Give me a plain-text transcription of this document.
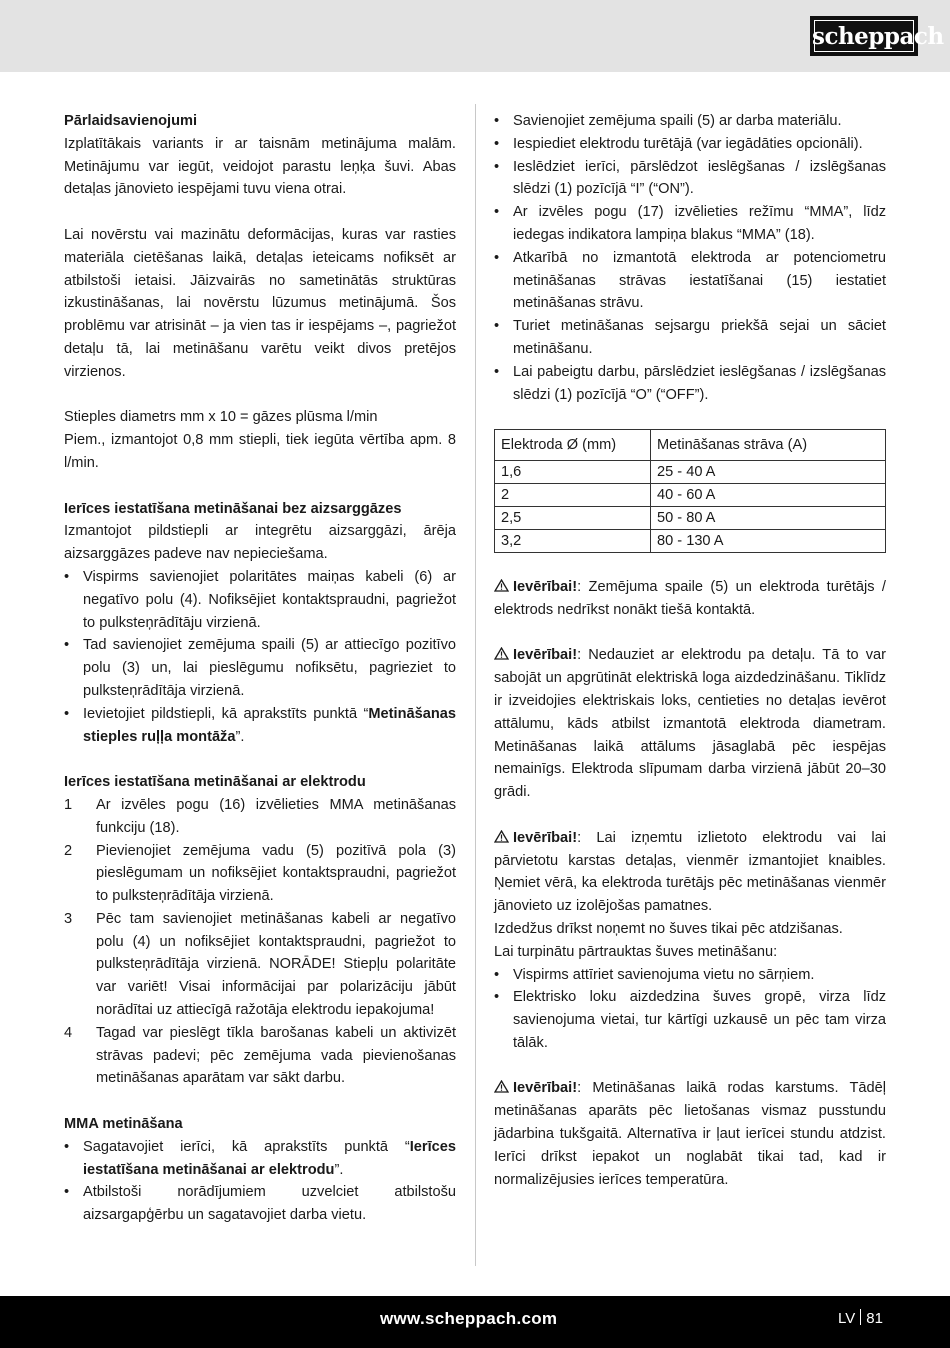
scheppach

Pārlaidsavienojumi

Izplatītākais variants ir ar taisnām metinājuma malām. Metinājumu var iegūt, veidojot parastu leņķa šuvi. Abas detaļas jānovieto iespējami tuvu viena otrai.

Lai novērstu vai mazinātu deformācijas, kuras var rasties materiāla cietēšanas laikā, detaļas ieteicams nofiksēt ar atbilstoši ietaisi. Jāizvairās no sametinātās struktūras izkustināšanas, lai novērstu lūzumus metinājumā. Šos problēmu var atrisināt – ja vien tas ir iespējams –, pagriežot detaļu tā, lai metināšanu varētu veikt divos pretējos virzienos.

Stieples diametrs mm x 10 = gāzes plūsma l/min

Piem., izmantojot 0,8 mm stiepli, tiek iegūta vērtība apm. 8 l/min.

Ierīces iestatīšana metināšanai bez aizsarggāzes

Izmantojot pildstiepli ar integrētu aizsarggāzi, ārēja aizsarggāzes padeve nav nepieciešama.

• Vispirms savienojiet polaritātes maiņas kabeli (6) ar negatīvo polu (4). Nofiksējiet kontaktspraudni, pagriežot to pulksteņrādītāju virzienā.
• Tad savienojiet zemējuma spaili (5) ar attiecīgo pozitīvo polu (3) un, lai pieslēgumu nofiksētu, pagrieziet to pulksteņrādītāja virzienā.
• Ievietojiet pildstiepli, kā aprakstīts punktā “Metināšanas stieples ruļļa montāža”.

Ierīces iestatīšana metināšanai ar elektrodu

1 Ar izvēles pogu (16) izvēlieties MMA metināšanas funkciju (18).
2 Pievienojiet zemējuma vadu (5) pozitīvā pola (3) pieslēgumam un nofiksējiet kontaktspraudni, pagriežot to pulksteņrādītāja virzienā.
3 Pēc tam savienojiet metināšanas kabeli ar negatīvo polu (4) un nofiksējiet kontaktspraudni, pagriežot to pulksteņrādītāja virzienā. NORĀDE! Stiepļu polaritāte var variēt! Visai informācijai par polarizāciju jābūt norādītai uz attiecīgā ražotāja elektrodu iepakojuma!
4 Tagad var pieslēgt tīkla barošanas kabeli un aktivizēt strāvas padevi; pēc zemējuma vada pievienošanas metināšanas aparātam var sākt darbu.

MMA metināšana

• Sagatavojiet ierīci, kā aprakstīts punktā “Ierīces iestatīšana metināšanai ar elektrodu”.
• Atbilstoši norādījumiem uzvelciet atbilstošu aizsargapģērbu un sagatavojiet darba vietu.
• Savienojiet zemējuma spaili (5) ar darba materiālu.
• Iespiediet elektrodu turētājā (var iegādāties opcionāli).
• Ieslēdziet ierīci, pārslēdzot ieslēgšanas / izslēgšanas slēdzi (1) pozīcījā “I” (“ON”).
• Ar izvēles pogu (17) izvēlieties režīmu “MMA”, līdz iedegas indikatora lampiņa blakus “MMA” (18).
• Atkarībā no izmantotā elektroda ar potenciometru metināšanas strāvas iestatīšanai (15) iestatiet metināšanas strāvu.
• Turiet metināšanas sejsargu priekšā sejai un sāciet metināšanu.
• Lai pabeigtu darbu, pārslēdziet ieslēgšanas / izslēgšanas slēdzi (1) pozīcījā “O” (“OFF”).
Elektroda Ø (mm)	Metināšanas strāva (A)
1,6	25 - 40 A
2	40 - 60 A
2,5	50 - 80 A
3,2	80 - 130 A

Ievērībai!: Zemējuma spaile (5) un elektroda turētājs / elektrods nedrīkst nonākt tiešā kontaktā.

Ievērībai!: Nedauziet ar elektrodu pa detaļu. Tā to var sabojāt un apgrūtināt elektriskā loga aizdedzināšanu. Tiklīdz ir izveidojies elektriskais loks, centieties no detaļas ievērot attālumu, kāds atbilst izmantotā elektroda diametram. Metināšanas laikā attālums jāsaglabā pēc iespējas nemainīgs. Elektroda slīpumam darba virzienā jābūt 20–30 grādi.

Ievērībai!: Lai izņemtu izlietoto elektrodu vai lai pārvietotu karstas detaļas, vienmēr izmantojiet knaibles. Ņemiet vērā, ka elektroda turētājs pēc metināšanas vienmēr jānovieto uz izolējošas pamatnes.

Izdedžus drīkst noņemt no šuves tikai pēc atdzišanas.

Lai turpinātu pārtrauktas šuves metināšanu:

• Vispirms attīriet savienojuma vietu no sārņiem.
• Elektrisko loku aizdedzina šuves gropē, virza līdz savienojuma vietai, tur kārtīgi uzkausē un pēc tam virza tālāk.

Ievērībai!: Metināšanas laikā rodas karstums. Tādēļ metināšanas aparāts pēc lietošanas vismaz pusstundu jādarbina tukšgaitā. Alternatīva ir ļaut ierīcei stundu atdzist. Ierīci drīkst iepakot un noglabāt tikai tad, kad ir normalizējusies ierīces temperatūra.

www.scheppach.com	LV 81
